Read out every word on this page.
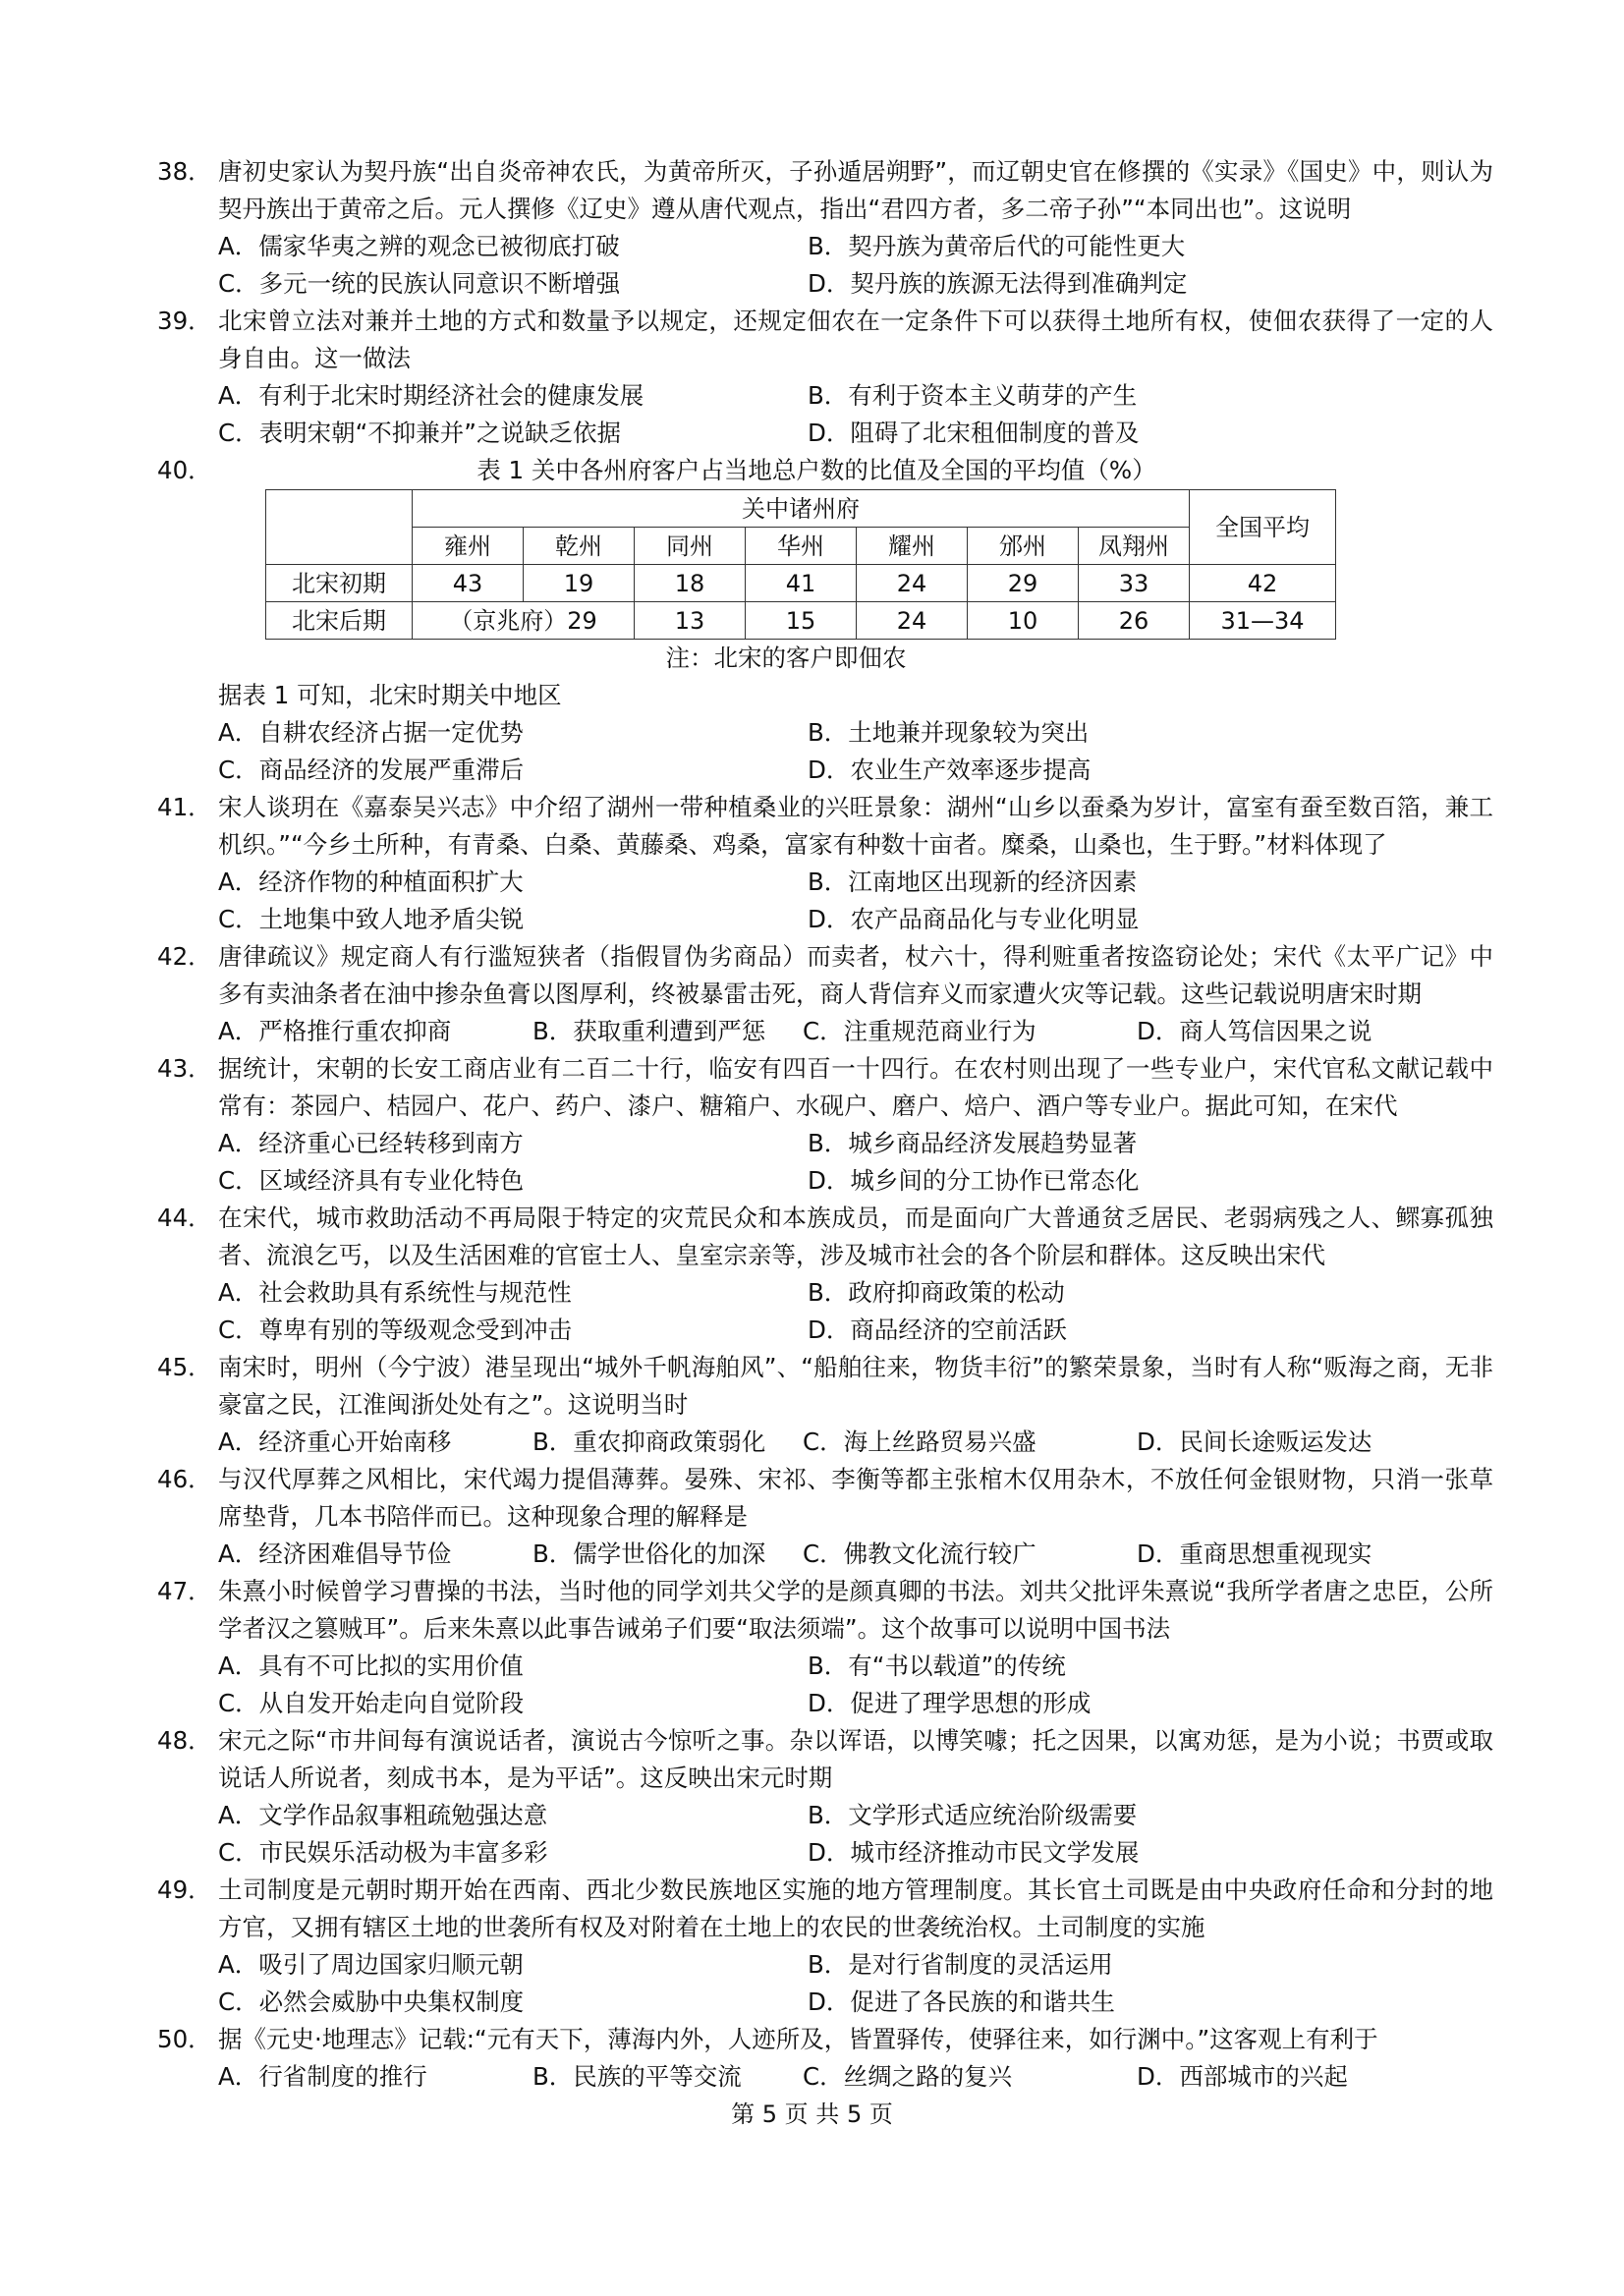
38． 唐初史家认为契丹族“出自炎帝神农氏，为黄帝所灭，子孙遁居朔野”，而辽朝史官在修撰的《实录》《国史》中，则认为契丹族出于黄帝之后。元人撰修《辽史》遵从唐代观点，指出“君四方者，多二帝子孙”“本同出也”。这说明
A．儒家华夷之辨的观念已被彻底打破	B．契丹族为黄帝后代的可能性更大
C．多元一统的民族认同意识不断增强	D．契丹族的族源无法得到准确判定
39． 北宋曾立法对兼并土地的方式和数量予以规定，还规定佃农在一定条件下可以获得土地所有权，使佃农获得了一定的人身自由。这一做法
A．有利于北宋时期经济社会的健康发展	B．有利于资本主义萌芽的产生
C．表明宋朝“不抑兼并”之说缺乏依据	D．阻碍了北宋租佃制度的普及
40．	表 1 关中各州府客户占当地总户数的比值及全国的平均值（%）
	关中诸州府							全国平均
	雍州	乾州	同州	华州	耀州	邠州	凤翔州	
北宋初期	43	19	18	41	24	29	33	42
北宋后期	（京兆府）29		13	15	24	10	26	31—34
注：北宋的客户即佃农
据表 1 可知，北宋时期关中地区
A．自耕农经济占据一定优势	B．土地兼并现象较为突出
C．商品经济的发展严重滞后	D．农业生产效率逐步提高
41． 宋人谈玥在《嘉泰吴兴志》中介绍了湖州一带种植桑业的兴旺景象：湖州“山乡以蚕桑为岁计，富室有蚕至数百箔，兼工机织。”“今乡土所种，有青桑、白桑、黄藤桑、鸡桑，富家有种数十亩者。糜桑，山桑也，生于野。”材料体现了
A．经济作物的种植面积扩大	B．江南地区出现新的经济因素
C．土地集中致人地矛盾尖锐	D．农产品商品化与专业化明显
42． 唐律疏议》规定商人有行滥短狭者（指假冒伪劣商品）而卖者，杖六十，得利赃重者按盗窃论处；宋代《太平广记》中多有卖油条者在油中掺杂鱼膏以图厚利，终被暴雷击死，商人背信弃义而家遭火灾等记载。这些记载说明唐宋时期
A．严格推行重农抑商	B．获取重利遭到严惩	C．注重规范商业行为	D．商人笃信因果之说
43． 据统计，宋朝的长安工商店业有二百二十行，临安有四百一十四行。在农村则出现了一些专业户，宋代官私文献记载中常有：茶园户、桔园户、花户、药户、漆户、糖箱户、水砚户、磨户、焙户、酒户等专业户。据此可知，在宋代
A．经济重心已经转移到南方	B．城乡商品经济发展趋势显著
C．区域经济具有专业化特色	D．城乡间的分工协作已常态化
44． 在宋代，城市救助活动不再局限于特定的灾荒民众和本族成员，而是面向广大普通贫乏居民、老弱病残之人、鳏寡孤独者、流浪乞丐，以及生活困难的官宦士人、皇室宗亲等，涉及城市社会的各个阶层和群体。这反映出宋代
A．社会救助具有系统性与规范性	B．政府抑商政策的松动
C．尊卑有别的等级观念受到冲击	D．商品经济的空前活跃
45． 南宋时，明州（今宁波）港呈现出“城外千帆海舶风”、“船舶往来，物货丰衍”的繁荣景象，当时有人称“贩海之商，无非豪富之民，江淮闽浙处处有之”。这说明当时
A．经济重心开始南移	B．重农抑商政策弱化	C．海上丝路贸易兴盛	D．民间长途贩运发达
46． 与汉代厚葬之风相比，宋代竭力提倡薄葬。晏殊、宋祁、李衡等都主张棺木仅用杂木，不放任何金银财物，只消一张草席垫背，几本书陪伴而已。这种现象合理的解释是
A．经济困难倡导节俭	B．儒学世俗化的加深	C．佛教文化流行较广	D．重商思想重视现实
47． 朱熹小时候曾学习曹操的书法，当时他的同学刘共父学的是颜真卿的书法。刘共父批评朱熹说“我所学者唐之忠臣，公所学者汉之篡贼耳”。后来朱熹以此事告诫弟子们要“取法须端”。这个故事可以说明中国书法
A．具有不可比拟的实用价值	B．有“书以载道”的传统
C．从自发开始走向自觉阶段	D．促进了理学思想的形成
48． 宋元之际“市井间每有演说话者，演说古今惊听之事。杂以诨语，以博笑噱；托之因果，以寓劝惩，是为小说；书贾或取说话人所说者，刻成书本，是为平话”。这反映出宋元时期
A．文学作品叙事粗疏勉强达意	B．文学形式适应统治阶级需要
C．市民娱乐活动极为丰富多彩	D．城市经济推动市民文学发展
49． 土司制度是元朝时期开始在西南、西北少数民族地区实施的地方管理制度。其长官土司既是由中央政府任命和分封的地方官，又拥有辖区土地的世袭所有权及对附着在土地上的农民的世袭统治权。土司制度的实施
A．吸引了周边国家归顺元朝	B．是对行省制度的灵活运用
C．必然会威胁中央集权制度	D．促进了各民族的和谐共生
50． 据《元史·地理志》记载:“元有天下，薄海内外，人迹所及，皆置驿传，使驿往来，如行渊中。”这客观上有利于
A．行省制度的推行	B．民族的平等交流	C．丝绸之路的复兴	D．西部城市的兴起
第 5 页 共 5 页
